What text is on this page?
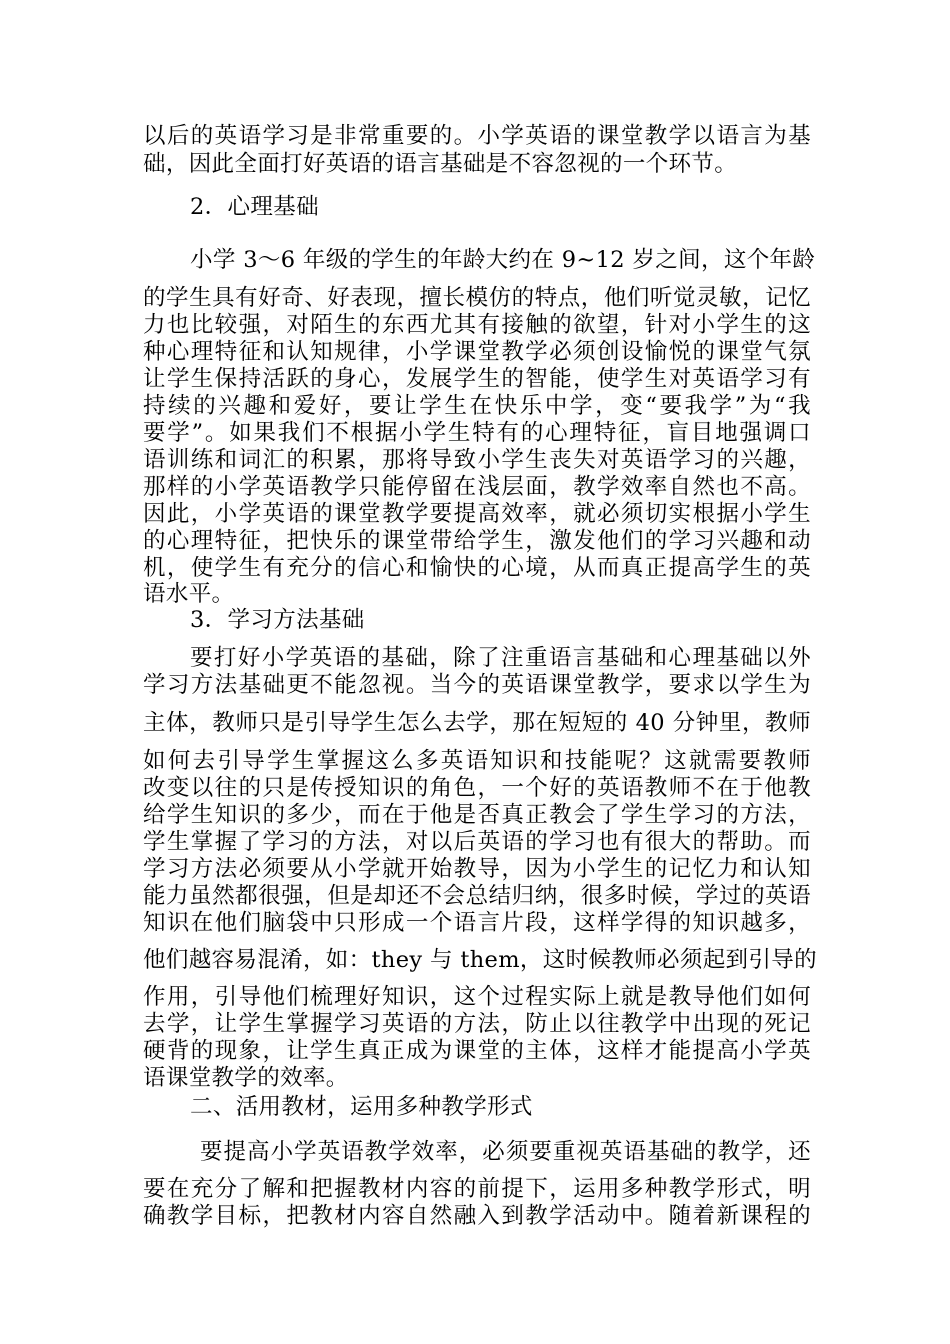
以后的英语学习是非常重要的。小学英语的课堂教学以语言为基
础，因此全面打好英语的语言基础是不容忽视的一个环节。
2．心理基础
小学 3～6 年级的学生的年龄大约在 9~12 岁之间，这个年龄
的学生具有好奇、好表现，擅长模仿的特点，他们听觉灵敏，记忆
力也比较强，对陌生的东西尤其有接触的欲望，针对小学生的这
种心理特征和认知规律，小学课堂教学必须创设愉悦的课堂气氛
让学生保持活跃的身心，发展学生的智能，使学生对英语学习有
持续的兴趣和爱好，要让学生在快乐中学，变“要我学”为“我
要学”。如果我们不根据小学生特有的心理特征，盲目地强调口
语训练和词汇的积累，那将导致小学生丧失对英语学习的兴趣，
那样的小学英语教学只能停留在浅层面，教学效率自然也不高。
因此，小学英语的课堂教学要提高效率，就必须切实根据小学生
的心理特征，把快乐的课堂带给学生，激发他们的学习兴趣和动
机，使学生有充分的信心和愉快的心境，从而真正提高学生的英
语水平。
3．学习方法基础
要打好小学英语的基础，除了注重语言基础和心理基础以外
学习方法基础更不能忽视。当今的英语课堂教学，要求以学生为
主体，教师只是引导学生怎么去学，那在短短的 40 分钟里，教师
如何去引导学生掌握这么多英语知识和技能呢？这就需要教师
改变以往的只是传授知识的角色，一个好的英语教师不在于他教
给学生知识的多少，而在于他是否真正教会了学生学习的方法，
学生掌握了学习的方法，对以后英语的学习也有很大的帮助。而
学习方法必须要从小学就开始教导，因为小学生的记忆力和认知
能力虽然都很强，但是却还不会总结归纳，很多时候，学过的英语
知识在他们脑袋中只形成一个语言片段，这样学得的知识越多，
他们越容易混淆，如：they 与 them，这时候教师必须起到引导的
作用，引导他们梳理好知识，这个过程实际上就是教导他们如何
去学，让学生掌握学习英语的方法，防止以往教学中出现的死记
硬背的现象，让学生真正成为课堂的主体，这样才能提高小学英
语课堂教学的效率。
二、活用教材，运用多种教学形式
要提高小学英语教学效率，必须要重视英语基础的教学，还
要在充分了解和把握教材内容的前提下，运用多种教学形式，明
确教学目标，把教材内容自然融入到教学活动中。随着新课程的
